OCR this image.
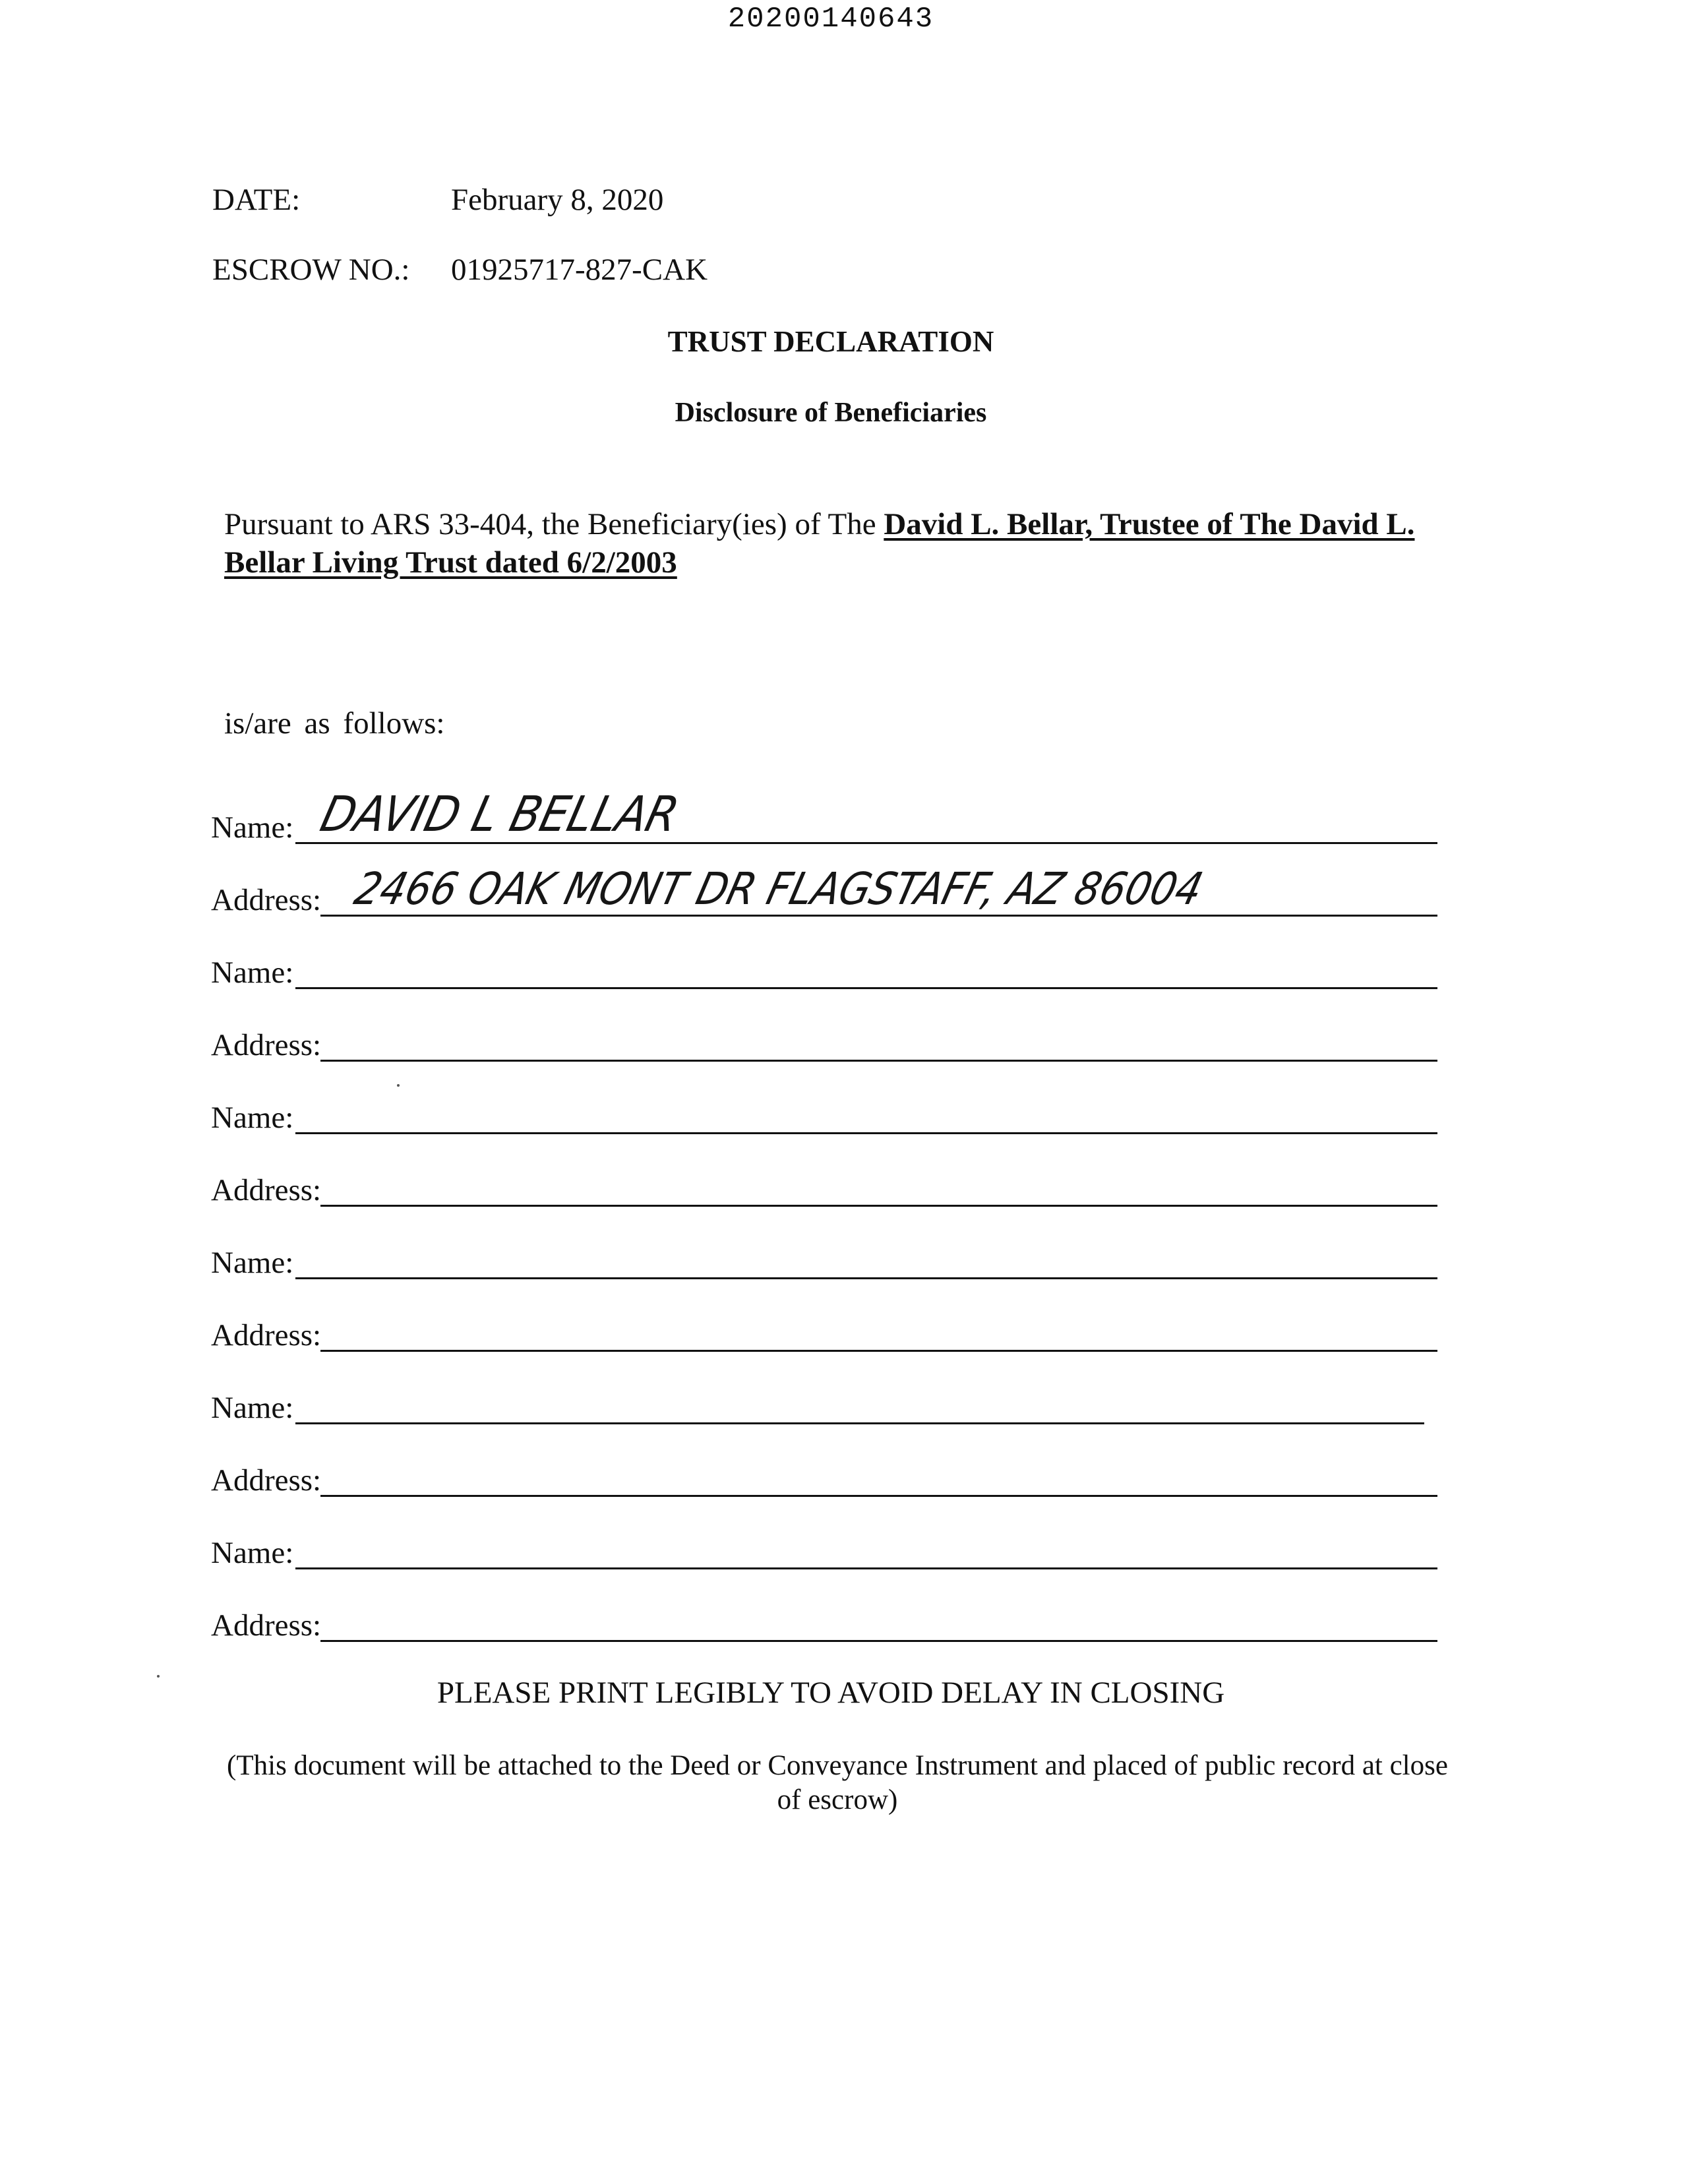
20200140643
DATE:	February 8, 2020
ESCROW NO.: 01925717-827-CAK
TRUST DECLARATION
Disclosure of Beneficiaries
Pursuant to ARS 33-404, the Beneficiary(ies) of The David L. Bellar, Trustee of The David L. Bellar Living Trust dated 6/2/2003
is/are as follows:
Name: DAVID L BELLAR
Address: 2466 OAK MONT DR FLAGSTAFF, AZ 86004
Name:
Address:
Name:
Address:
Name:
Address:
Name:
Address:
Name:
Address:
PLEASE PRINT LEGIBLY TO AVOID DELAY IN CLOSING
(This document will be attached to the Deed or Conveyance Instrument and placed of public record at close of escrow)
